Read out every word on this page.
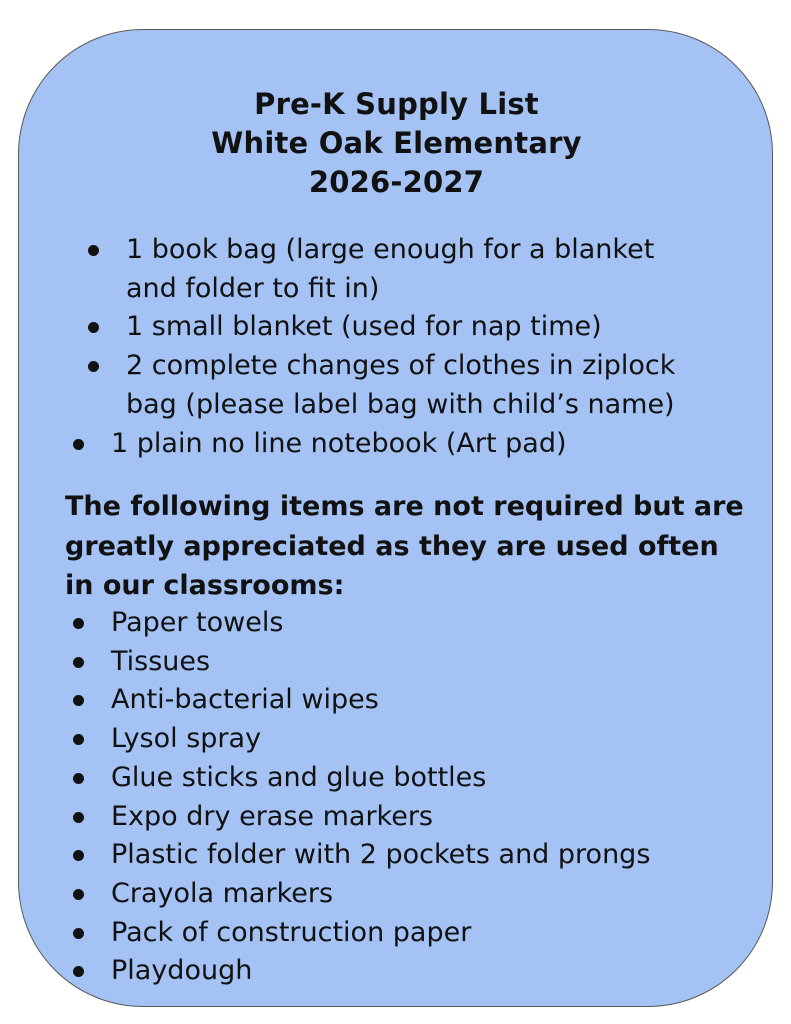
Pre-K Supply List
White Oak Elementary
2026-2027
1 book bag (large enough for a blanket
and folder to fit in)
1 small blanket (used for nap time)
2 complete changes of clothes in ziplock
bag (please label bag with child’s name)
1 plain no line notebook (Art pad)

The following items are not required but are
greatly appreciated as they are used often
in our classrooms:

Paper towels
Tissues
Anti-bacterial wipes
Lysol spray
Glue sticks and glue bottles
Expo dry erase markers
Plastic folder with 2 pockets and prongs
Crayola markers
Pack of construction paper
Playdough
